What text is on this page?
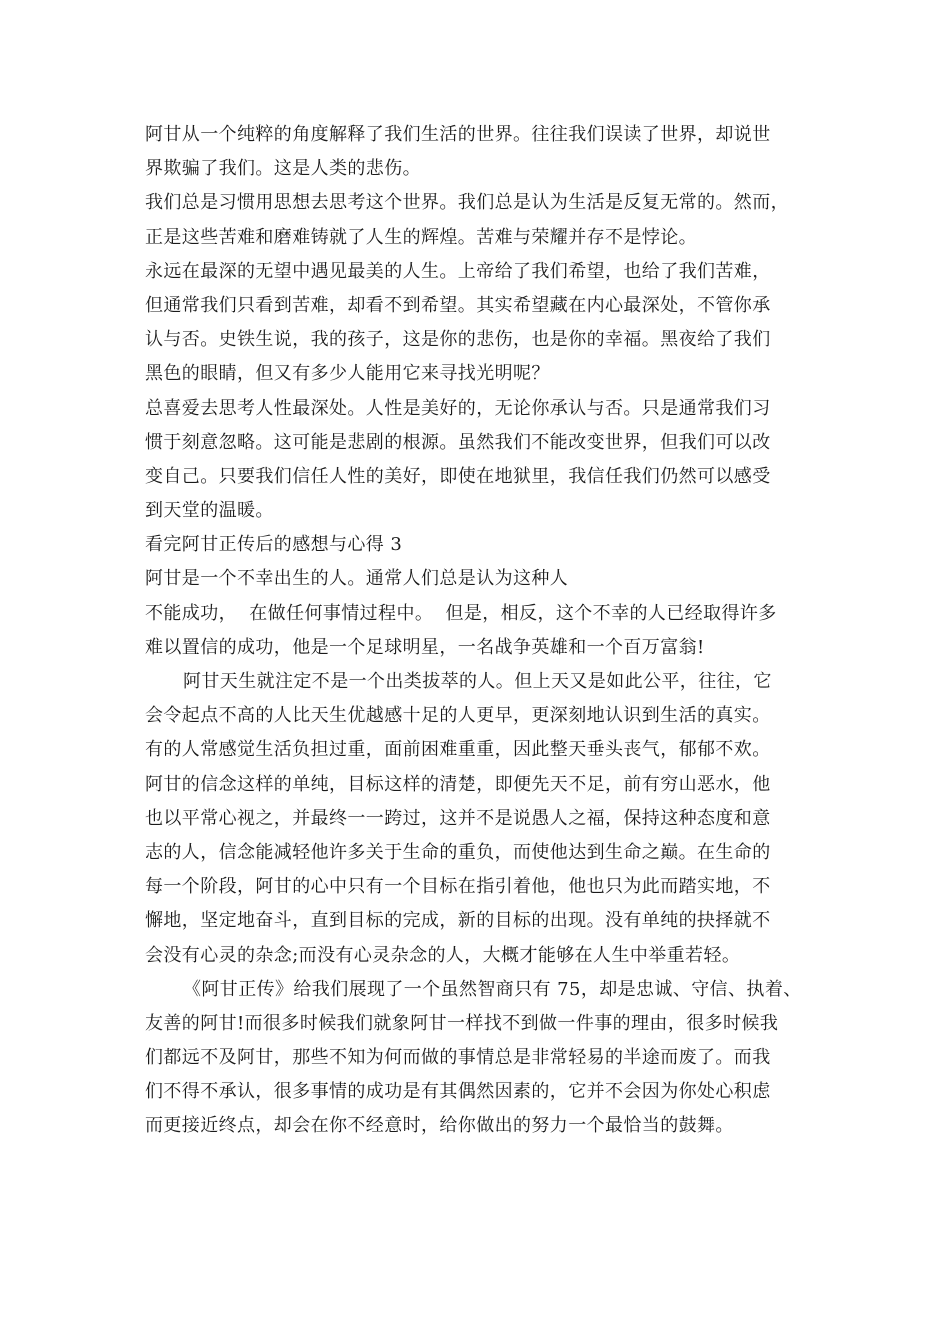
阿甘从一个纯粹的角度解释了我们生活的世界。往往我们误读了世界，却说世
界欺骗了我们。这是人类的悲伤。
我们总是习惯用思想去思考这个世界。我们总是认为生活是反复无常的。然而，
正是这些苦难和磨难铸就了人生的辉煌。苦难与荣耀并存不是悖论。
永远在最深的无望中遇见最美的人生。上帝给了我们希望，也给了我们苦难，
但通常我们只看到苦难，却看不到希望。其实希望藏在内心最深处，不管你承
认与否。史铁生说，我的孩子，这是你的悲伤，也是你的幸福。黑夜给了我们
黑色的眼睛，但又有多少人能用它来寻找光明呢？
总喜爱去思考人性最深处。人性是美好的，无论你承认与否。只是通常我们习
惯于刻意忽略。这可能是悲剧的根源。虽然我们不能改变世界，但我们可以改
变自己。只要我们信任人性的美好，即使在地狱里，我信任我们仍然可以感受
到天堂的温暖。
看完阿甘正传后的感想与心得 3
阿甘是一个不幸出生的人。通常人们总是认为这种人
不能成功，  在做任何事情过程中。  但是，相反，这个不幸的人已经取得许多
难以置信的成功，他是一个足球明星，一名战争英雄和一个百万富翁!
阿甘天生就注定不是一个出类拔萃的人。但上天又是如此公平，往往，它
会令起点不高的人比天生优越感十足的人更早，更深刻地认识到生活的真实。
有的人常感觉生活负担过重，面前困难重重，因此整天垂头丧气，郁郁不欢。
阿甘的信念这样的单纯，目标这样的清楚，即便先天不足，前有穷山恶水，他
也以平常心视之，并最终一一跨过，这并不是说愚人之福，保持这种态度和意
志的人，信念能减轻他许多关于生命的重负，而使他达到生命之巅。在生命的
每一个阶段，阿甘的心中只有一个目标在指引着他，他也只为此而踏实地，不
懈地，坚定地奋斗，直到目标的完成，新的目标的出现。没有单纯的抉择就不
会没有心灵的杂念;而没有心灵杂念的人，大概才能够在人生中举重若轻。
《阿甘正传》给我们展现了一个虽然智商只有 75，却是忠诚、守信、执着、
友善的阿甘!而很多时候我们就象阿甘一样找不到做一件事的理由，很多时候我
们都远不及阿甘，那些不知为何而做的事情总是非常轻易的半途而废了。而我
们不得不承认，很多事情的成功是有其偶然因素的，它并不会因为你处心积虑
而更接近终点，却会在你不经意时，给你做出的努力一个最恰当的鼓舞。
